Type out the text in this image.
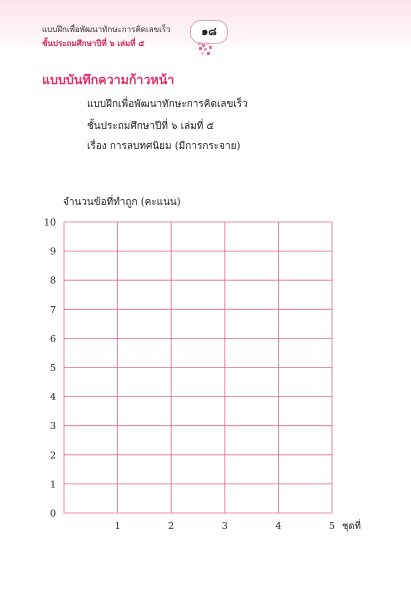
แบบฝึกเพื่อพัฒนาทักษะการคิดเลขเร็ว
ชั้นประถมศึกษาปีที่ ๖ เล่มที่ ๕
๑๘
แบบบันทึกความก้าวหน้า
แบบฝึกเพื่อพัฒนาทักษะการคิดเลขเร็ว
ชั้นประถมศึกษาปีที่ ๖ เล่มที่ ๕
เรื่อง การลบทศนิยม (มีการกระจาย)
จำนวนข้อที่ทำถูก (คะแนน)
0
1
2
3
4
5
6
7
8
9
10
1	2	3	4	5 ชุดที่
